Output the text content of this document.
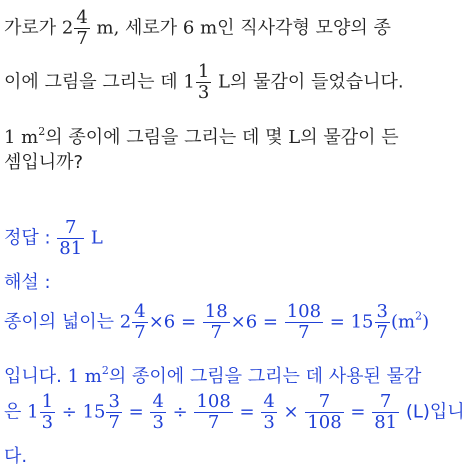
가로가 $2 \frac{4}{7} m$, 세로가 6 m인 직사각형 모양의 종
이에 그림을 그리는 데 $1 \frac{1}{3}$ L의 물감이 들었습니다.
1 $m^2$의 종이에 그림을 그리는 데 몇 L의 물감이 든
셈입니까?
정답 : $\frac{7}{81}$ L
해설 :
종이의 넓이는 $2 \frac{4}{7} \times 6 = \frac{18}{7} \times 6 = \frac{108}{7} = 15 \frac{3}{7} (m^2)$
입니다. 1 $m^2$의 종이에 그림을 그리는 데 사용된 물감
은 $1 \frac{1}{3} \div 15 \frac{3}{7} = \frac{4}{3} \div \frac{108}{7} = \frac{4}{3} \times \frac{7}{108} = \frac{7}{81} (L)$입니
다.
